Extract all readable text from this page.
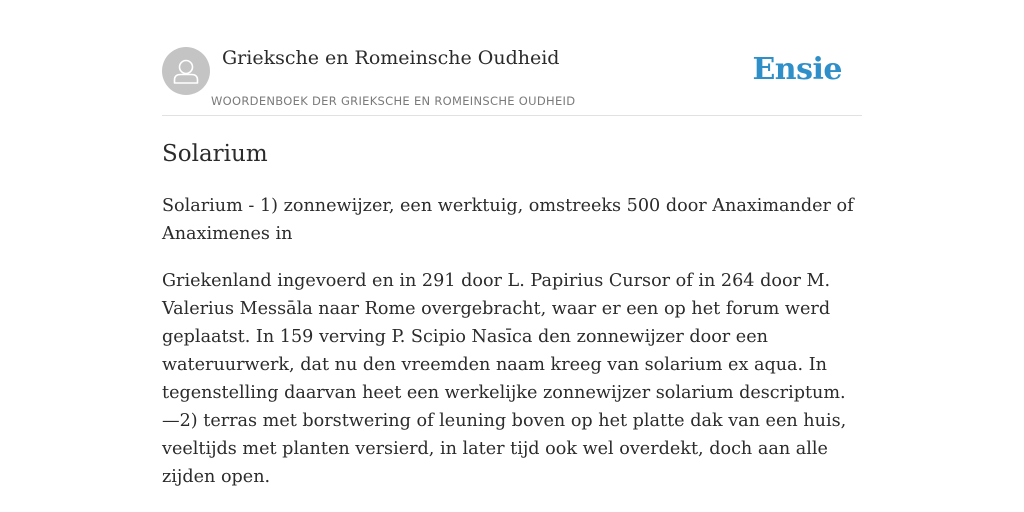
Grieksche en Romeinsche Oudheid
WOORDENBOEK DER GRIEKSCHE EN ROMEINSCHE OUDHEID
Ensie
Solarium

Solarium - 1) zonnewijzer, een werktuig, omstreeks 500 door Anaximander of Anaximenes in

Griekenland ingevoerd en in 291 door L. Papirius Cursor of in 264 door M. Valerius Messāla naar Rome overgebracht, waar er een op het forum werd geplaatst. In 159 verving P. Scipio Nasīca den zonnewijzer door een wateruurwerk, dat nu den vreemden naam kreeg van solarium ex aqua. In tegenstelling daarvan heet een werkelijke zonnewijzer solarium descriptum.—2) terras met borstwering of leuning boven op het platte dak van een huis, veeltijds met planten versierd, in later tijd ook wel overdekt, doch aan alle zijden open.
